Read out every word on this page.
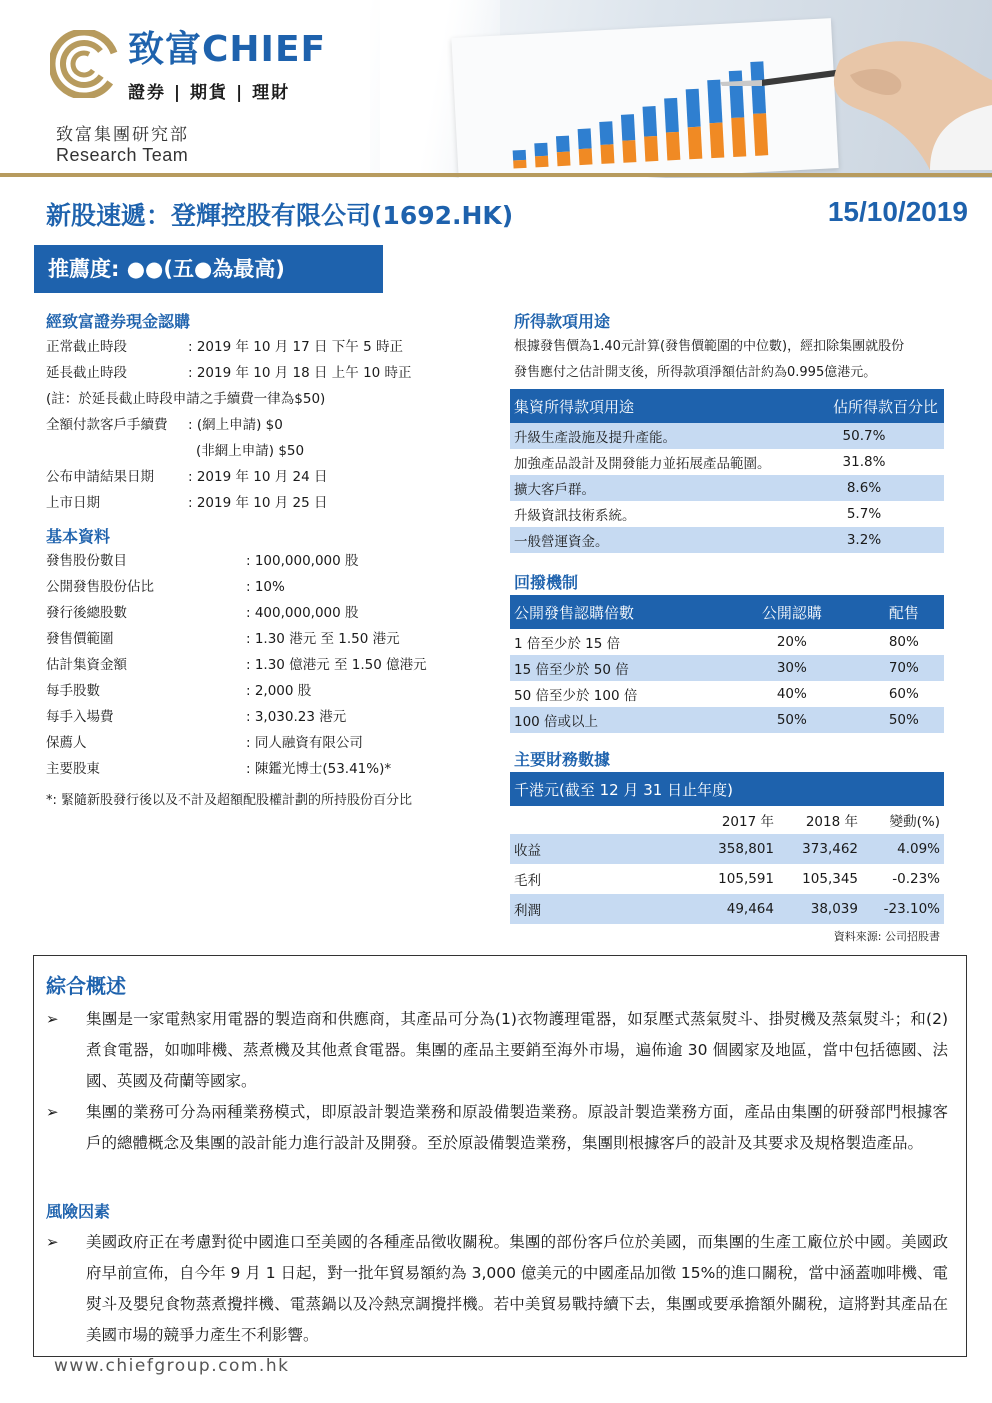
致富CHIEF
證券 | 期貨 | 理財
致富集團研究部
Research Team
新股速遞：登輝控股有限公司(1692.HK)	15/10/2019
推薦度: ●●(五●為最高)
經致富證券現金認購
正常截止時段	: 2019 年 10 月 17 日 下午 5 時正
延長截止時段	: 2019 年 10 月 18 日 上午 10 時正
(註：於延長截止時段申請之手續費一律為$50)
全額付款客戶手續費 : (網上申請) $0
(非網上申請) $50
公布申請結果日期	: 2019 年 10 月 24 日
上市日期	: 2019 年 10 月 25 日
基本資料
發售股份數目	: 100,000,000 股
公開發售股份佔比	: 10%
發行後總股數	: 400,000,000 股
發售價範圍	: 1.30 港元 至 1.50 港元
估計集資金額	: 1.30 億港元 至 1.50 億港元
每手股數	: 2,000 股
每手入場費	: 3,030.23 港元
保薦人	: 同人融資有限公司
主要股東	: 陳鑑光博士(53.41%)*
*: 緊隨新股發行後以及不計及超額配股權計劃的所持股份百分比
所得款項用途
根據發售價為1.40元計算(發售價範圍的中位數)，經扣除集團就股份
發售應付之估計開支後，所得款項淨額估計約為0.995億港元。
集資所得款項用途	佔所得款百分比
升級生產設施及提升產能。	50.7%
加強產品設計及開發能力並拓展產品範圍。	31.8%
擴大客戶群。	8.6%
升級資訊技術系統。	5.7%
一般營運資金。	3.2%
回撥機制
公開發售認購倍數	公開認購	配售
1 倍至少於 15 倍	20%	80%
15 倍至少於 50 倍	30%	70%
50 倍至少於 100 倍	40%	60%
100 倍或以上	50%	50%
主要財務數據
千港元(截至 12 月 31 日止年度)			
	2017 年	2018 年	變動(%)
收益	358,801	373,462	4.09%
毛利	105,591	105,345	-0.23%
利潤	49,464	38,039	-23.10%
資料來源: 公司招股書
綜合概述
➢ 集團是一家電熱家用電器的製造商和供應商，其產品可分為(1)衣物護理電器，如泵壓式蒸氣熨斗、掛熨機及蒸氣熨斗；和(2)煮食電器，如咖啡機、蒸煮機及其他煮食電器。集團的產品主要銷至海外市場，遍佈逾 30 個國家及地區，當中包括德國、法國、英國及荷蘭等國家。
➢ 集團的業務可分為兩種業務模式，即原設計製造業務和原設備製造業務。原設計製造業務方面，產品由集團的研發部門根據客戶的總體概念及集團的設計能力進行設計及開發。至於原設備製造業務，集團則根據客戶的設計及其要求及規格製造產品。
風險因素
➢ 美國政府正在考慮對從中國進口至美國的各種產品徵收關稅。集團的部份客戶位於美國，而集團的生產工廠位於中國。美國政府早前宣佈，自今年 9 月 1 日起，對一批年貿易額約為 3,000 億美元的中國產品加徵 15%的進口關稅，當中涵蓋咖啡機、電熨斗及嬰兒食物蒸煮攪拌機、電蒸鍋以及冷熱烹調攪拌機。若中美貿易戰持續下去，集團或要承擔額外關稅，這將對其產品在美國市場的競爭力產生不利影響。
www.chiefgroup.com.hk
